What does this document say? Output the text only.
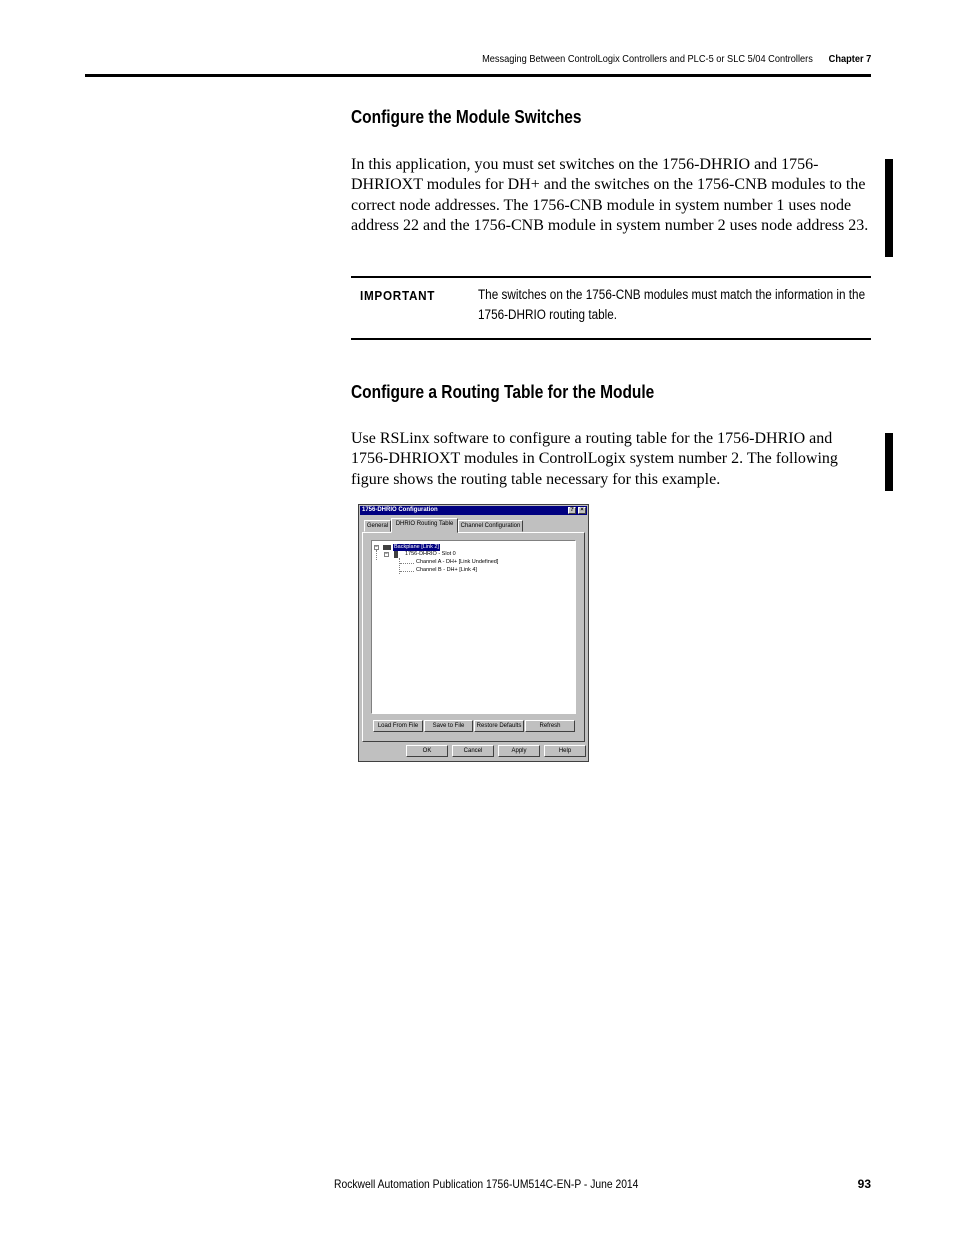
Messaging Between ControlLogix Controllers and PLC-5 or SLC 5/04 Controllers Chapter 7
Configure the Module Switches
In this application, you must set switches on the 1756-DHRIO and 1756-DHRIOXT modules for DH+ and the switches on the 1756-CNB modules to the correct node addresses. The 1756-CNB module in system number 1 uses node address 22 and the 1756-CNB module in system number 2 uses node address 23.
IMPORTANT	The switches on the 1756-CNB modules must match the information in the 1756-DHRIO routing table.
Configure a Routing Table for the Module
Use RSLinx software to configure a routing table for the 1756-DHRIO and 1756-DHRIOXT modules in ControlLogix system number 2. The following figure shows the routing table necessary for this example.
1756-DHRIO Configuration	?	×
General	DHRIO Routing Table	Channel Configuration
−	Backplane [Link 2]
−	1756-DHRIO - Slot 0
Channel A - DH+ [Link Undefined]
Channel B - DH+ [Link 4]
Load From File	Save to File	Restore Defaults	Refresh
OK	Cancel	Apply	Help
Rockwell Automation Publication 1756-UM514C-EN-P - June 2014	93
